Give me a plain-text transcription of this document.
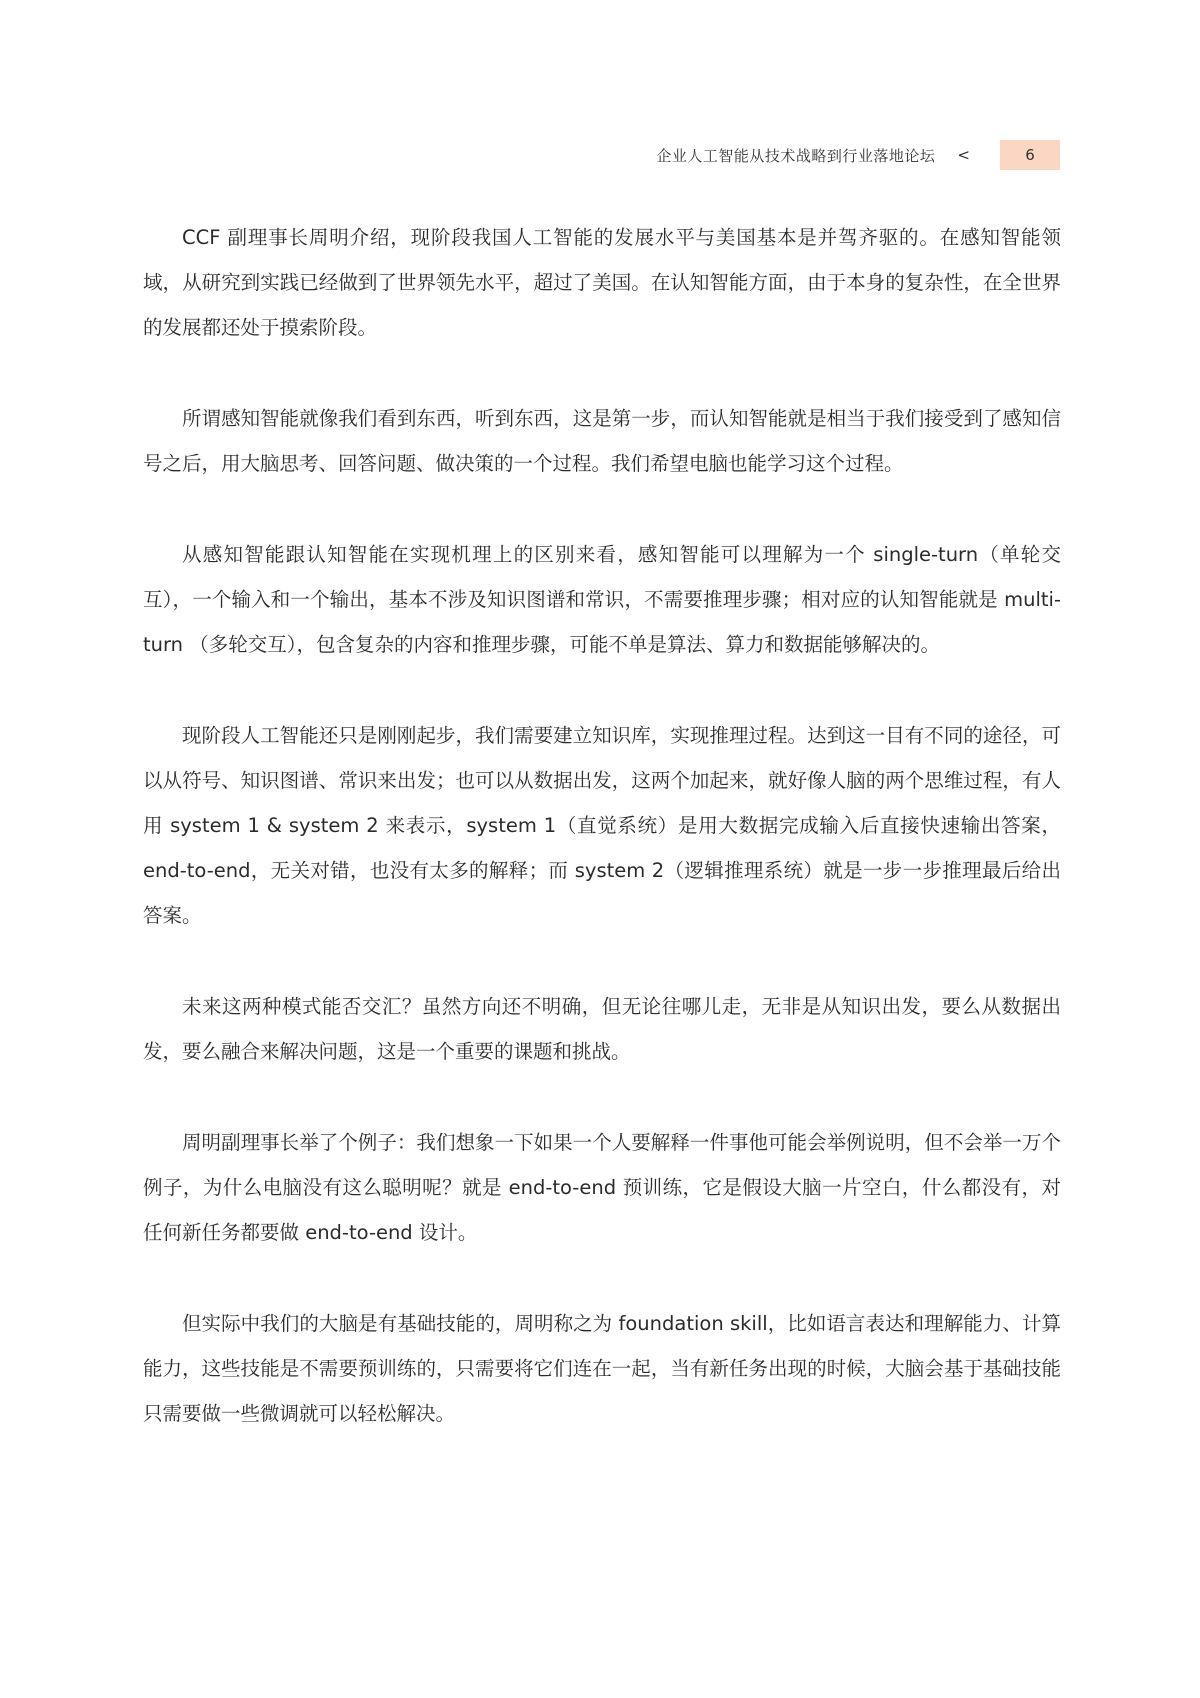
企业人工智能从技术战略到行业落地论坛 <	6

CCF 副理事长周明介绍，现阶段我国人工智能的发展水平与美国基本是并驾齐驱的。在感知智能领域，从研究到实践已经做到了世界领先水平，超过了美国。在认知智能方面，由于本身的复杂性，在全世界的发展都还处于摸索阶段。

所谓感知智能就像我们看到东西，听到东西，这是第一步，而认知智能就是相当于我们接受到了感知信号之后，用大脑思考、回答问题、做决策的一个过程。我们希望电脑也能学习这个过程。

从感知智能跟认知智能在实现机理上的区别来看，感知智能可以理解为一个 single-turn（单轮交互），一个输入和一个输出，基本不涉及知识图谱和常识，不需要推理步骤；相对应的认知智能就是 multi-turn （多轮交互），包含复杂的内容和推理步骤，可能不单是算法、算力和数据能够解决的。

现阶段人工智能还只是刚刚起步，我们需要建立知识库，实现推理过程。达到这一目有不同的途径，可以从符号、知识图谱、常识来出发；也可以从数据出发，这两个加起来，就好像人脑的两个思维过程，有人用 system 1 & system 2 来表示，system 1（直觉系统）是用大数据完成输入后直接快速输出答案，end-to-end，无关对错，也没有太多的解释；而 system 2（逻辑推理系统）就是一步一步推理最后给出答案。

未来这两种模式能否交汇？虽然方向还不明确，但无论往哪儿走，无非是从知识出发，要么从数据出发，要么融合来解决问题，这是一个重要的课题和挑战。

周明副理事长举了个例子：我们想象一下如果一个人要解释一件事他可能会举例说明，但不会举一万个例子，为什么电脑没有这么聪明呢？就是 end-to-end 预训练，它是假设大脑一片空白，什么都没有，对任何新任务都要做 end-to-end 设计。

但实际中我们的大脑是有基础技能的，周明称之为 foundation skill，比如语言表达和理解能力、计算能力，这些技能是不需要预训练的，只需要将它们连在一起，当有新任务出现的时候，大脑会基于基础技能只需要做一些微调就可以轻松解决。
